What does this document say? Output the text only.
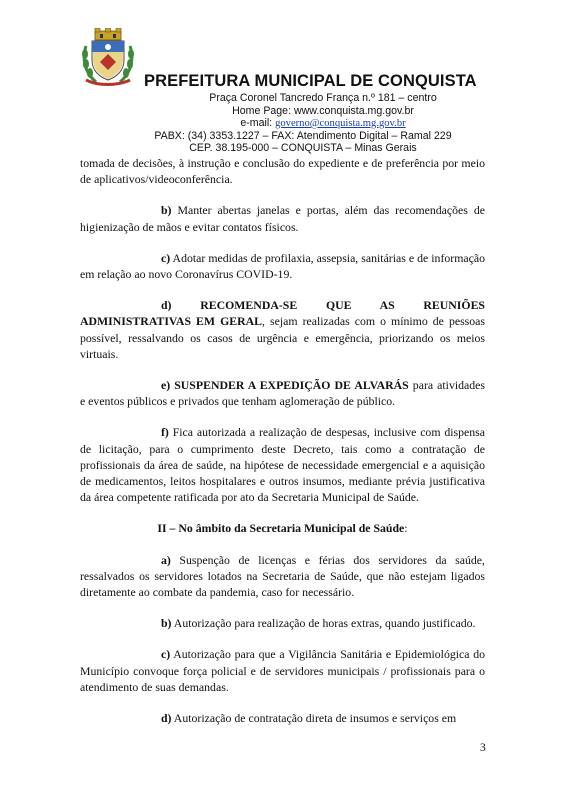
PREFEITURA MUNICIPAL DE CONQUISTA
Praça Coronel Tancredo França n.º 181 – centro
Home Page: www.conquista.mg.gov.br
e-mail: governo@conquista.mg.gov.br
PABX: (34) 3353.1227 – FAX: Atendimento Digital – Ramal 229
CEP. 38.195-000 – CONQUISTA – Minas Gerais

tomada de decisões, à instrução e conclusão do expediente e de preferência por meio de aplicativos/videoconferência.

b) Manter abertas janelas e portas, além das recomendações de higienização de mãos e evitar contatos físicos.

c) Adotar medidas de profilaxia, assepsia, sanitárias e de informação em relação ao novo Coronavírus COVID-19.

d) RECOMENDA-SE QUE AS REUNIÕES ADMINISTRATIVAS EM GERAL, sejam realizadas com o mínimo de pessoas possível, ressalvando os casos de urgência e emergência, priorizando os meios virtuais.

e) SUSPENDER A EXPEDIÇÃO DE ALVARÁS para atividades e eventos públicos e privados que tenham aglomeração de público.

f) Fica autorizada a realização de despesas, inclusive com dispensa de licitação, para o cumprimento deste Decreto, tais como a contratação de profissionais da área de saúde, na hipótese de necessidade emergencial e a aquisição de medicamentos, leitos hospitalares e outros insumos, mediante prévia justificativa da área competente ratificada por ato da Secretaria Municipal de Saúde.

II – No âmbito da Secretaria Municipal de Saúde:

a) Suspenção de licenças e férias dos servidores da saúde, ressalvados os servidores lotados na Secretaria de Saúde, que não estejam ligados diretamente ao combate da pandemia, caso for necessário.

b) Autorização para realização de horas extras, quando justificado.

c) Autorização para que a Vigilância Sanitária e Epidemiológica do Município convoque força policial e de servidores municipais / profissionais para o atendimento de suas demandas.

d) Autorização de contratação direta de insumos e serviços em

3
